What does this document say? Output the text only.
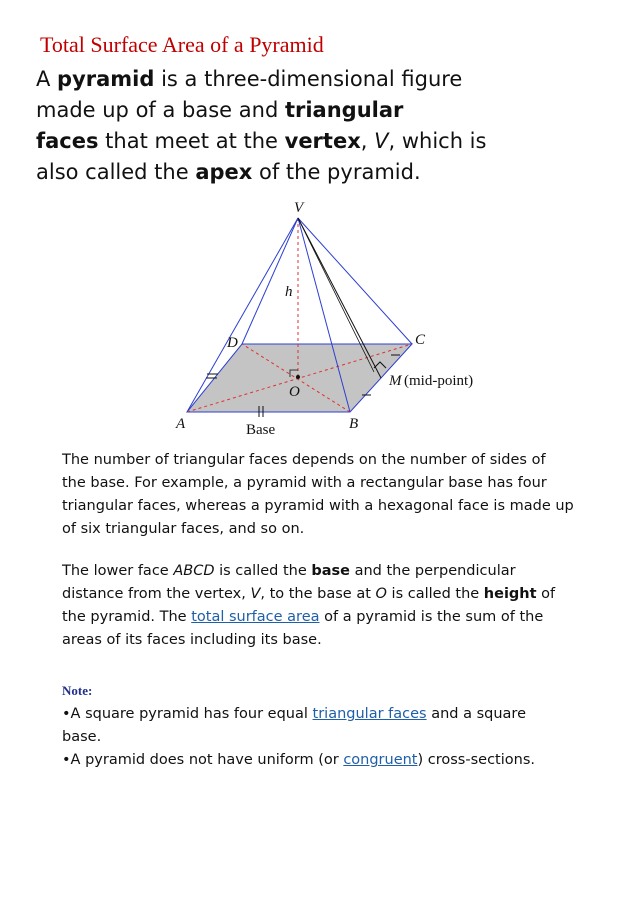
Total Surface Area of a Pyramid
A pyramid is a three-dimensional figure
made up of a base and triangular
faces that meet at the vertex, V, which is
also called the apex of the pyramid.
V
h
D	C
O
M (mid-point)
A	B
Base
The number of triangular faces depends on the number of sides of
the base. For example, a pyramid with a rectangular base has four
triangular faces, whereas a pyramid with a hexagonal face is made up
of six triangular faces, and so on.
The lower face ABCD is called the base and the perpendicular
distance from the vertex, V, to the base at O is called the height of
the pyramid. The total surface area of a pyramid is the sum of the
areas of its faces including its base.
Note:
•A square pyramid has four equal triangular faces and a square
base.
•A pyramid does not have uniform (or congruent) cross-sections.
